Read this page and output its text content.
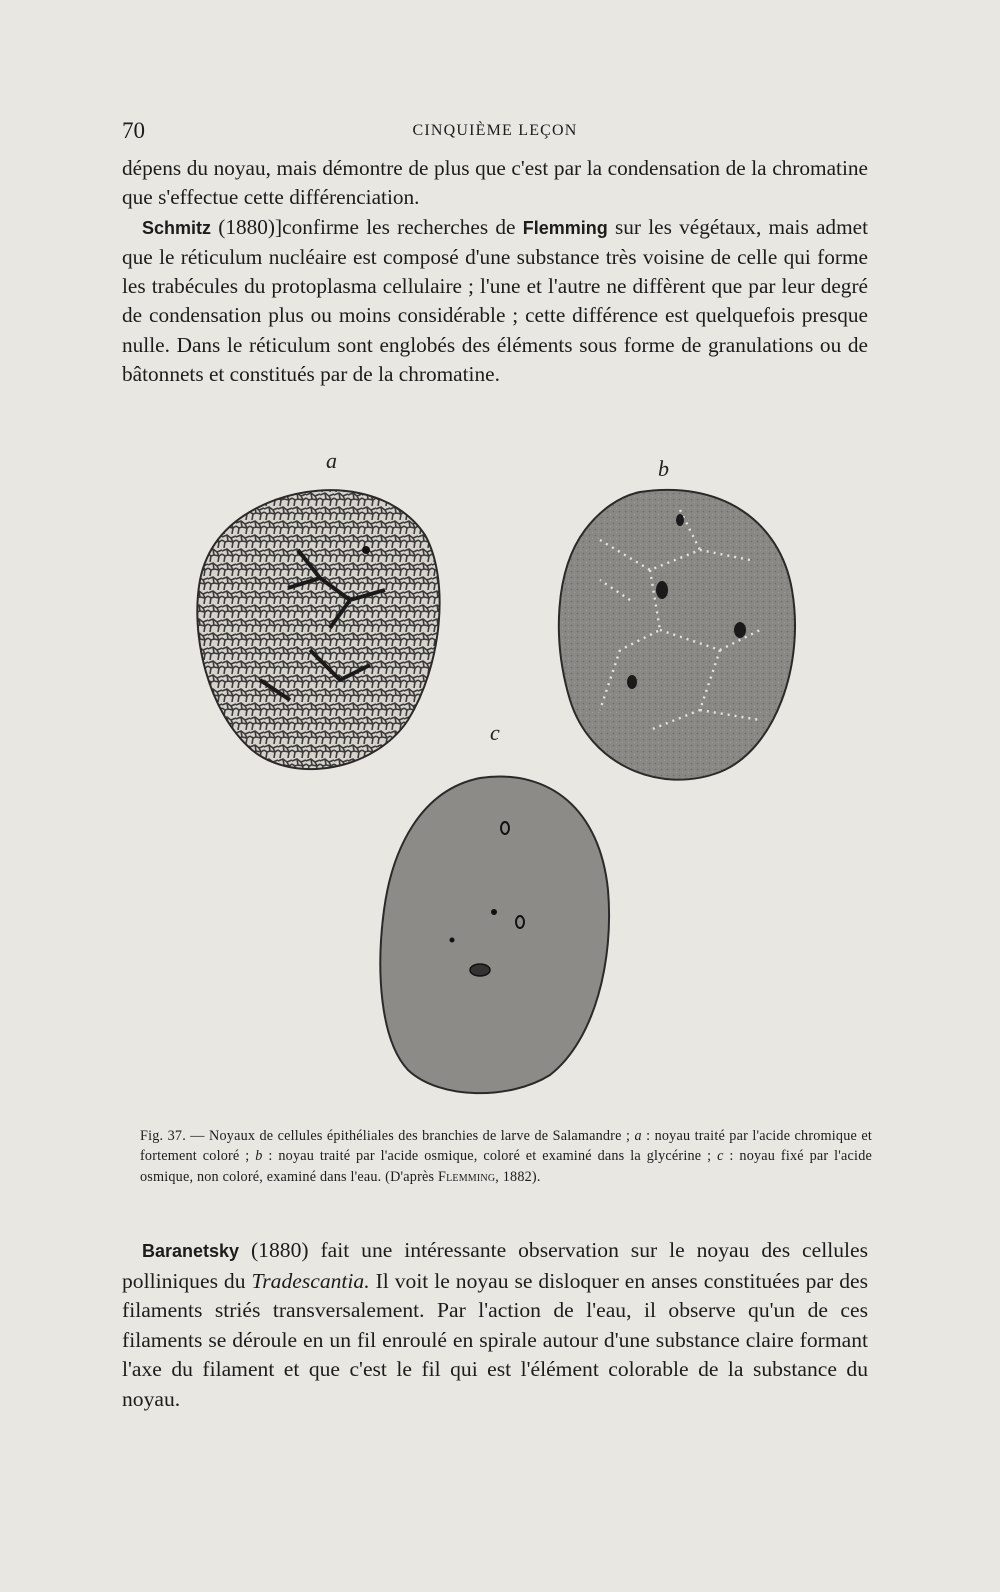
70	CINQUIÈME LEÇON

dépens du noyau, mais démontre de plus que c'est par la condensation de la chromatine que s'effectue cette différenciation.

Schmitz (1880)]confirme les recherches de Flemming sur les végétaux, mais admet que le réticulum nucléaire est composé d'une substance très voisine de celle qui forme les trabécules du protoplasma cellulaire ; l'une et l'autre ne diffèrent que par leur degré de condensation plus ou moins considérable ; cette différence est quelquefois presque nulle. Dans le réticulum sont englobés des éléments sous forme de granulations ou de bâtonnets et constitués par de la chromatine.

a	b
c
Fig. 37. — Noyaux de cellules épithéliales des branchies de larve de Salamandre ; a : noyau traité par l'acide chromique et fortement coloré ; b : noyau traité par l'acide osmique, coloré et examiné dans la glycérine ; c : noyau fixé par l'acide osmique, non coloré, examiné dans l'eau. (D'après Flemming, 1882).

Baranetsky (1880) fait une intéressante observation sur le noyau des cellules polliniques du Tradescantia. Il voit le noyau se disloquer en anses constituées par des filaments striés transversalement. Par l'action de l'eau, il observe qu'un de ces filaments se déroule en un fil enroulé en spirale autour d'une substance claire formant l'axe du filament et que c'est le fil qui est l'élément colorable de la substance du noyau.
